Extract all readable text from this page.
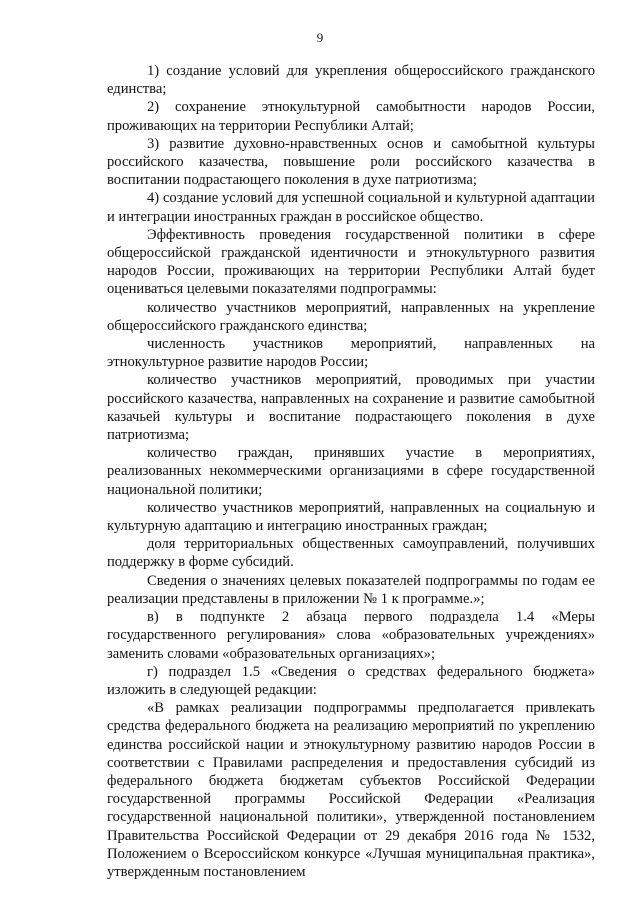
9

1) создание условий для укрепления общероссийского гражданского единства;

2) сохранение этнокультурной самобытности народов России, проживающих на территории Республики Алтай;

3) развитие духовно-нравственных основ и самобытной культуры российского казачества, повышение роли российского казачества в воспитании подрастающего поколения в духе патриотизма;

4) создание условий для успешной социальной и культурной адаптации и интеграции иностранных граждан в российское общество.

Эффективность проведения государственной политики в сфере общероссийской гражданской идентичности и этнокультурного развития народов России, проживающих на территории Республики Алтай будет оцениваться целевыми показателями подпрограммы:

количество участников мероприятий, направленных на укрепление общероссийского гражданского единства;

численность участников мероприятий, направленных на этнокультурное развитие народов России;

количество участников мероприятий, проводимых при участии российского казачества, направленных на сохранение и развитие самобытной казачьей культуры и воспитание подрастающего поколения в духе патриотизма;

количество граждан, принявших участие в мероприятиях, реализованных некоммерческими организациями в сфере государственной национальной политики;

количество участников мероприятий, направленных на социальную и культурную адаптацию и интеграцию иностранных граждан;

доля территориальных общественных самоуправлений, получивших поддержку в форме субсидий.

Сведения о значениях целевых показателей подпрограммы по годам ее реализации представлены в приложении № 1 к программе.»;

в) в подпункте 2 абзаца первого подраздела 1.4 «Меры государственного регулирования» слова «образовательных учреждениях» заменить словами «образовательных организациях»;

г) подраздел 1.5 «Сведения о средствах федерального бюджета» изложить в следующей редакции:

«В рамках реализации подпрограммы предполагается привлекать средства федерального бюджета на реализацию мероприятий по укреплению единства российской нации и этнокультурному развитию народов России в соответствии с Правилами распределения и предоставления субсидий из федерального бюджета бюджетам субъектов Российской Федерации государственной программы Российской Федерации «Реализация государственной национальной политики», утвержденной постановлением Правительства Российской Федерации от 29 декабря 2016 года № 1532, Положением о Всероссийском конкурсе «Лучшая муниципальная практика», утвержденным постановлением
